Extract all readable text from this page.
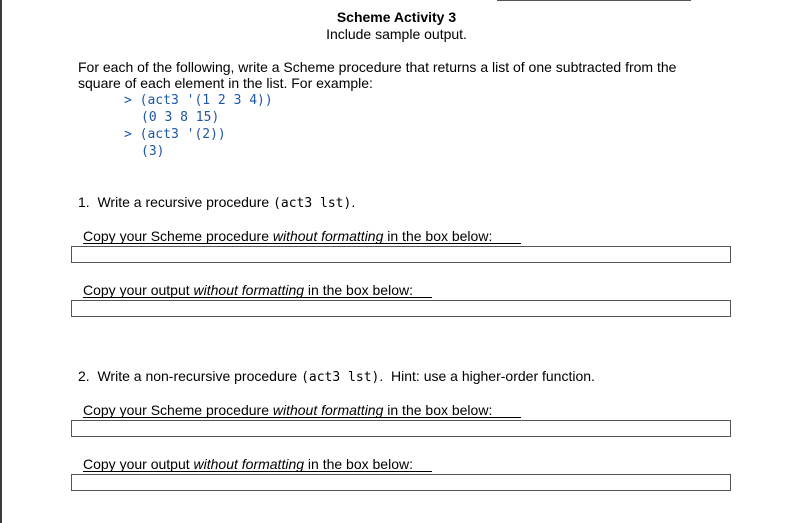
Scheme Activity 3
Include sample output.
For each of the following, write a Scheme procedure that returns a list of one subtracted from the
square of each element in the list. For example:
> (act3 '(1 2 3 4))
(0 3 8 15)
> (act3 '(2))
(3)
1. Write a recursive procedure (act3 lst).
Copy your Scheme procedure without formatting in the box below:
Copy your output without formatting in the box below:
2. Write a non-recursive procedure (act3 lst).  Hint: use a higher-order function.
Copy your Scheme procedure without formatting in the box below:
Copy your output without formatting in the box below:
